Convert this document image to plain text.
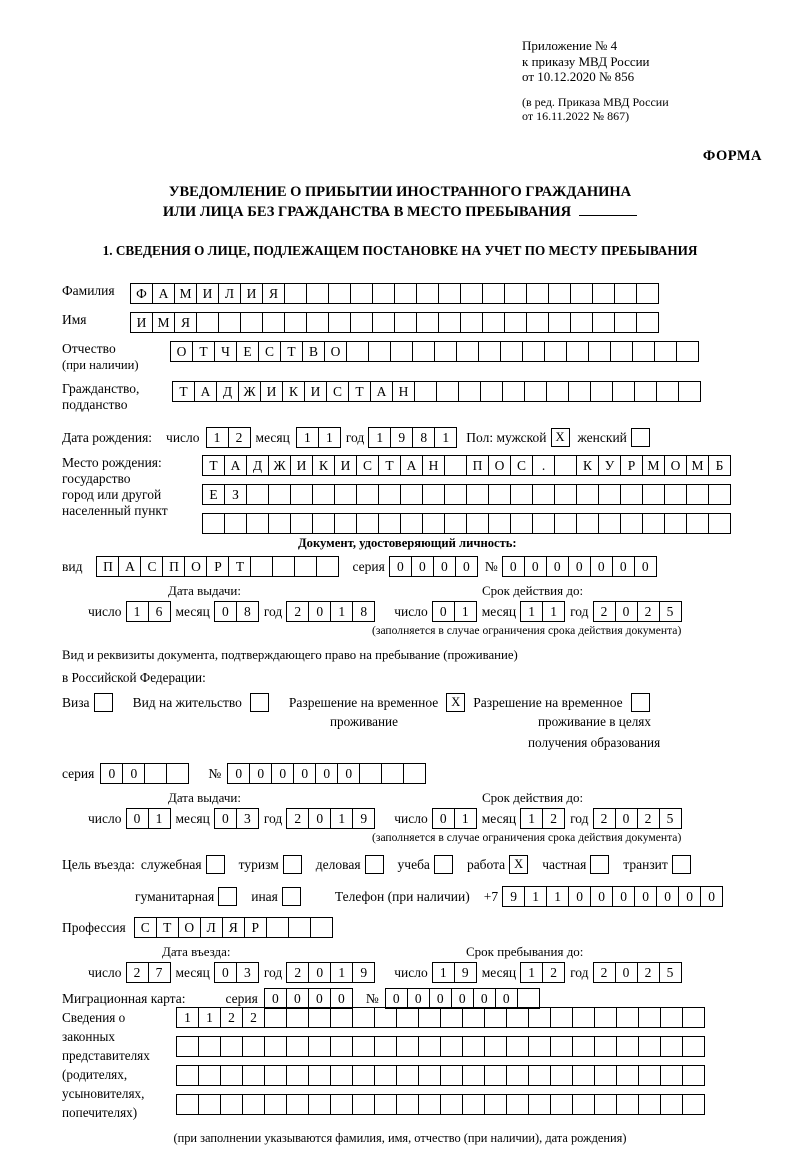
Приложение № 4
к приказу МВД России
от 10.12.2020 № 856
(в ред. Приказа МВД России
от 16.11.2022 № 867)
ФОРМА
УВЕДОМЛЕНИЕ О ПРИБЫТИИ ИНОСТРАННОГО ГРАЖДАНИНА
ИЛИ ЛИЦА БЕЗ ГРАЖДАНСТВА В МЕСТО ПРЕБЫВАНИЯ
1. СВЕДЕНИЯ О ЛИЦЕ, ПОДЛЕЖАЩЕМ ПОСТАНОВКЕ НА УЧЕТ ПО МЕСТУ ПРЕБЫВАНИЯ
Фамилия	Ф А М И Л И Я
Имя	И М Я
Отчество
(при наличии)
О Т Ч Е С Т В О
Гражданство,
подданство
Т А Д Ж И К И С Т А Н
Дата рождения: число	1	2 месяц	1	1 год 1	9	8	1	Пол: мужской X женский
Место рождения:
государство
город или другой
населенный пункт
Т А Д Ж И К И С Т А Н	П О С	.	К У Р М О М Б
Е	З
Документ, удостоверяющий личность:
вид	П А С П О Р	Т	серия 0	0	0	0	№ 0	0	0	0	0	0	0
Дата выдачи:	Срок действия до:
число 1	6 месяц 0	8 год 2	0	1	8	число 0	1 месяц 1	1 год 2	0	2	5
(заполняется в случае ограничения срока действия документа)
Вид и реквизиты документа, подтверждающего право на пребывание (проживание)
в Российской Федерации:
Виза	Вид на жительство	Разрешение на временное	X Разрешение на временное
проживание	проживание в целях
получения образования
серия	0	0	№	0	0	0	0	0	0
Дата выдачи:	Срок действия до:
число 0	1 месяц 0	3 год 2	0	1	9	число 0	1 месяц 1	2 год 2	0	2	5
(заполняется в случае ограничения срока действия документа)
Цель въезда: служебная	туризм	деловая	учеба	работа X	частная	транзит
гуманитарная	иная	Телефон (при наличии) +7 9	1	1	0	0	0	0	0	0	0
Профессия	С Т О Л Я	Р
Дата въезда:	Срок пребывания до:
число 2	7 месяц 0	3 год 2	0	1	9	число 1	9 месяц 1	2 год 2	0	2	5
Миграционная карта:	серия	0	0	0	0	№	0	0	0	0	0	0
Сведения о
законных
представителях
(родителях,
усыновителях,
попечителях)
1	1	2	2
(при заполнении указываются фамилия, имя, отчество (при наличии), дата рождения)
